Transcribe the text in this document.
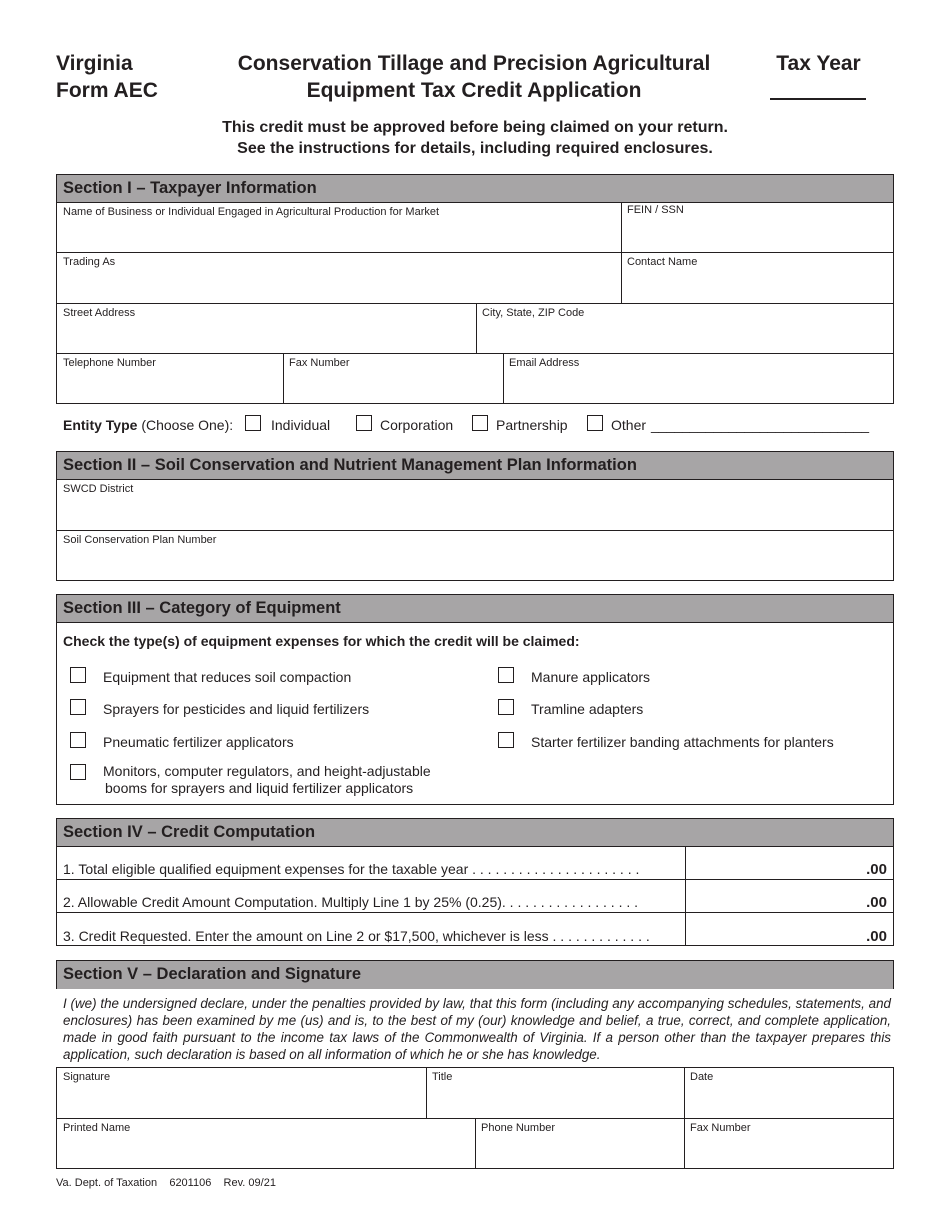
Virginia
Form AEC
Conservation Tillage and Precision Agricultural
Equipment Tax Credit Application
Tax Year
This credit must be approved before being claimed on your return.
See the instructions for details, including required enclosures.
Section I – Taxpayer Information
Name of Business or Individual Engaged in Agricultural Production for Market	FEIN / SSN
Trading As	Contact Name
Street Address	City, State, ZIP Code
Telephone Number	Fax Number	Email Address
Entity Type (Choose One):	Individual	Corporation	Partnership	Other ____________________________
Section II – Soil Conservation and Nutrient Management Plan Information
SWCD District
Soil Conservation Plan Number
Section III – Category of Equipment
Check the type(s) of equipment expenses for which the credit will be claimed:
Equipment that reduces soil compaction
Sprayers for pesticides and liquid fertilizers
Pneumatic fertilizer applicators
Monitors, computer regulators, and height-adjustable
booms for sprayers and liquid fertilizer applicators
Manure applicators
Tramline adapters
Starter fertilizer banding attachments for planters
Section IV – Credit Computation
1. Total eligible qualified equipment expenses for the taxable year . . . . . . . . . . . . . . . . . . . . . .	.00
2. Allowable Credit Amount Computation. Multiply Line 1 by 25% (0.25). . . . . . . . . . . . . . . . . .	.00
3. Credit Requested. Enter the amount on Line 2 or $17,500, whichever is less . . . . . . . . . . . . .	.00
Section V – Declaration and Signature
I (we) the undersigned declare, under the penalties provided by law, that this form (including any accompanying schedules, statements, and enclosures) has been examined by me (us) and is, to the best of my (our) knowledge and belief, a true, correct, and complete application, made in good faith pursuant to the income tax laws of the Commonwealth of Virginia. If a person other than the taxpayer prepares this application, such declaration is based on all information of which he or she has knowledge.
Signature	Title	Date
Printed Name	Phone Number	Fax Number
Va. Dept. of Taxation    6201106    Rev. 09/21
